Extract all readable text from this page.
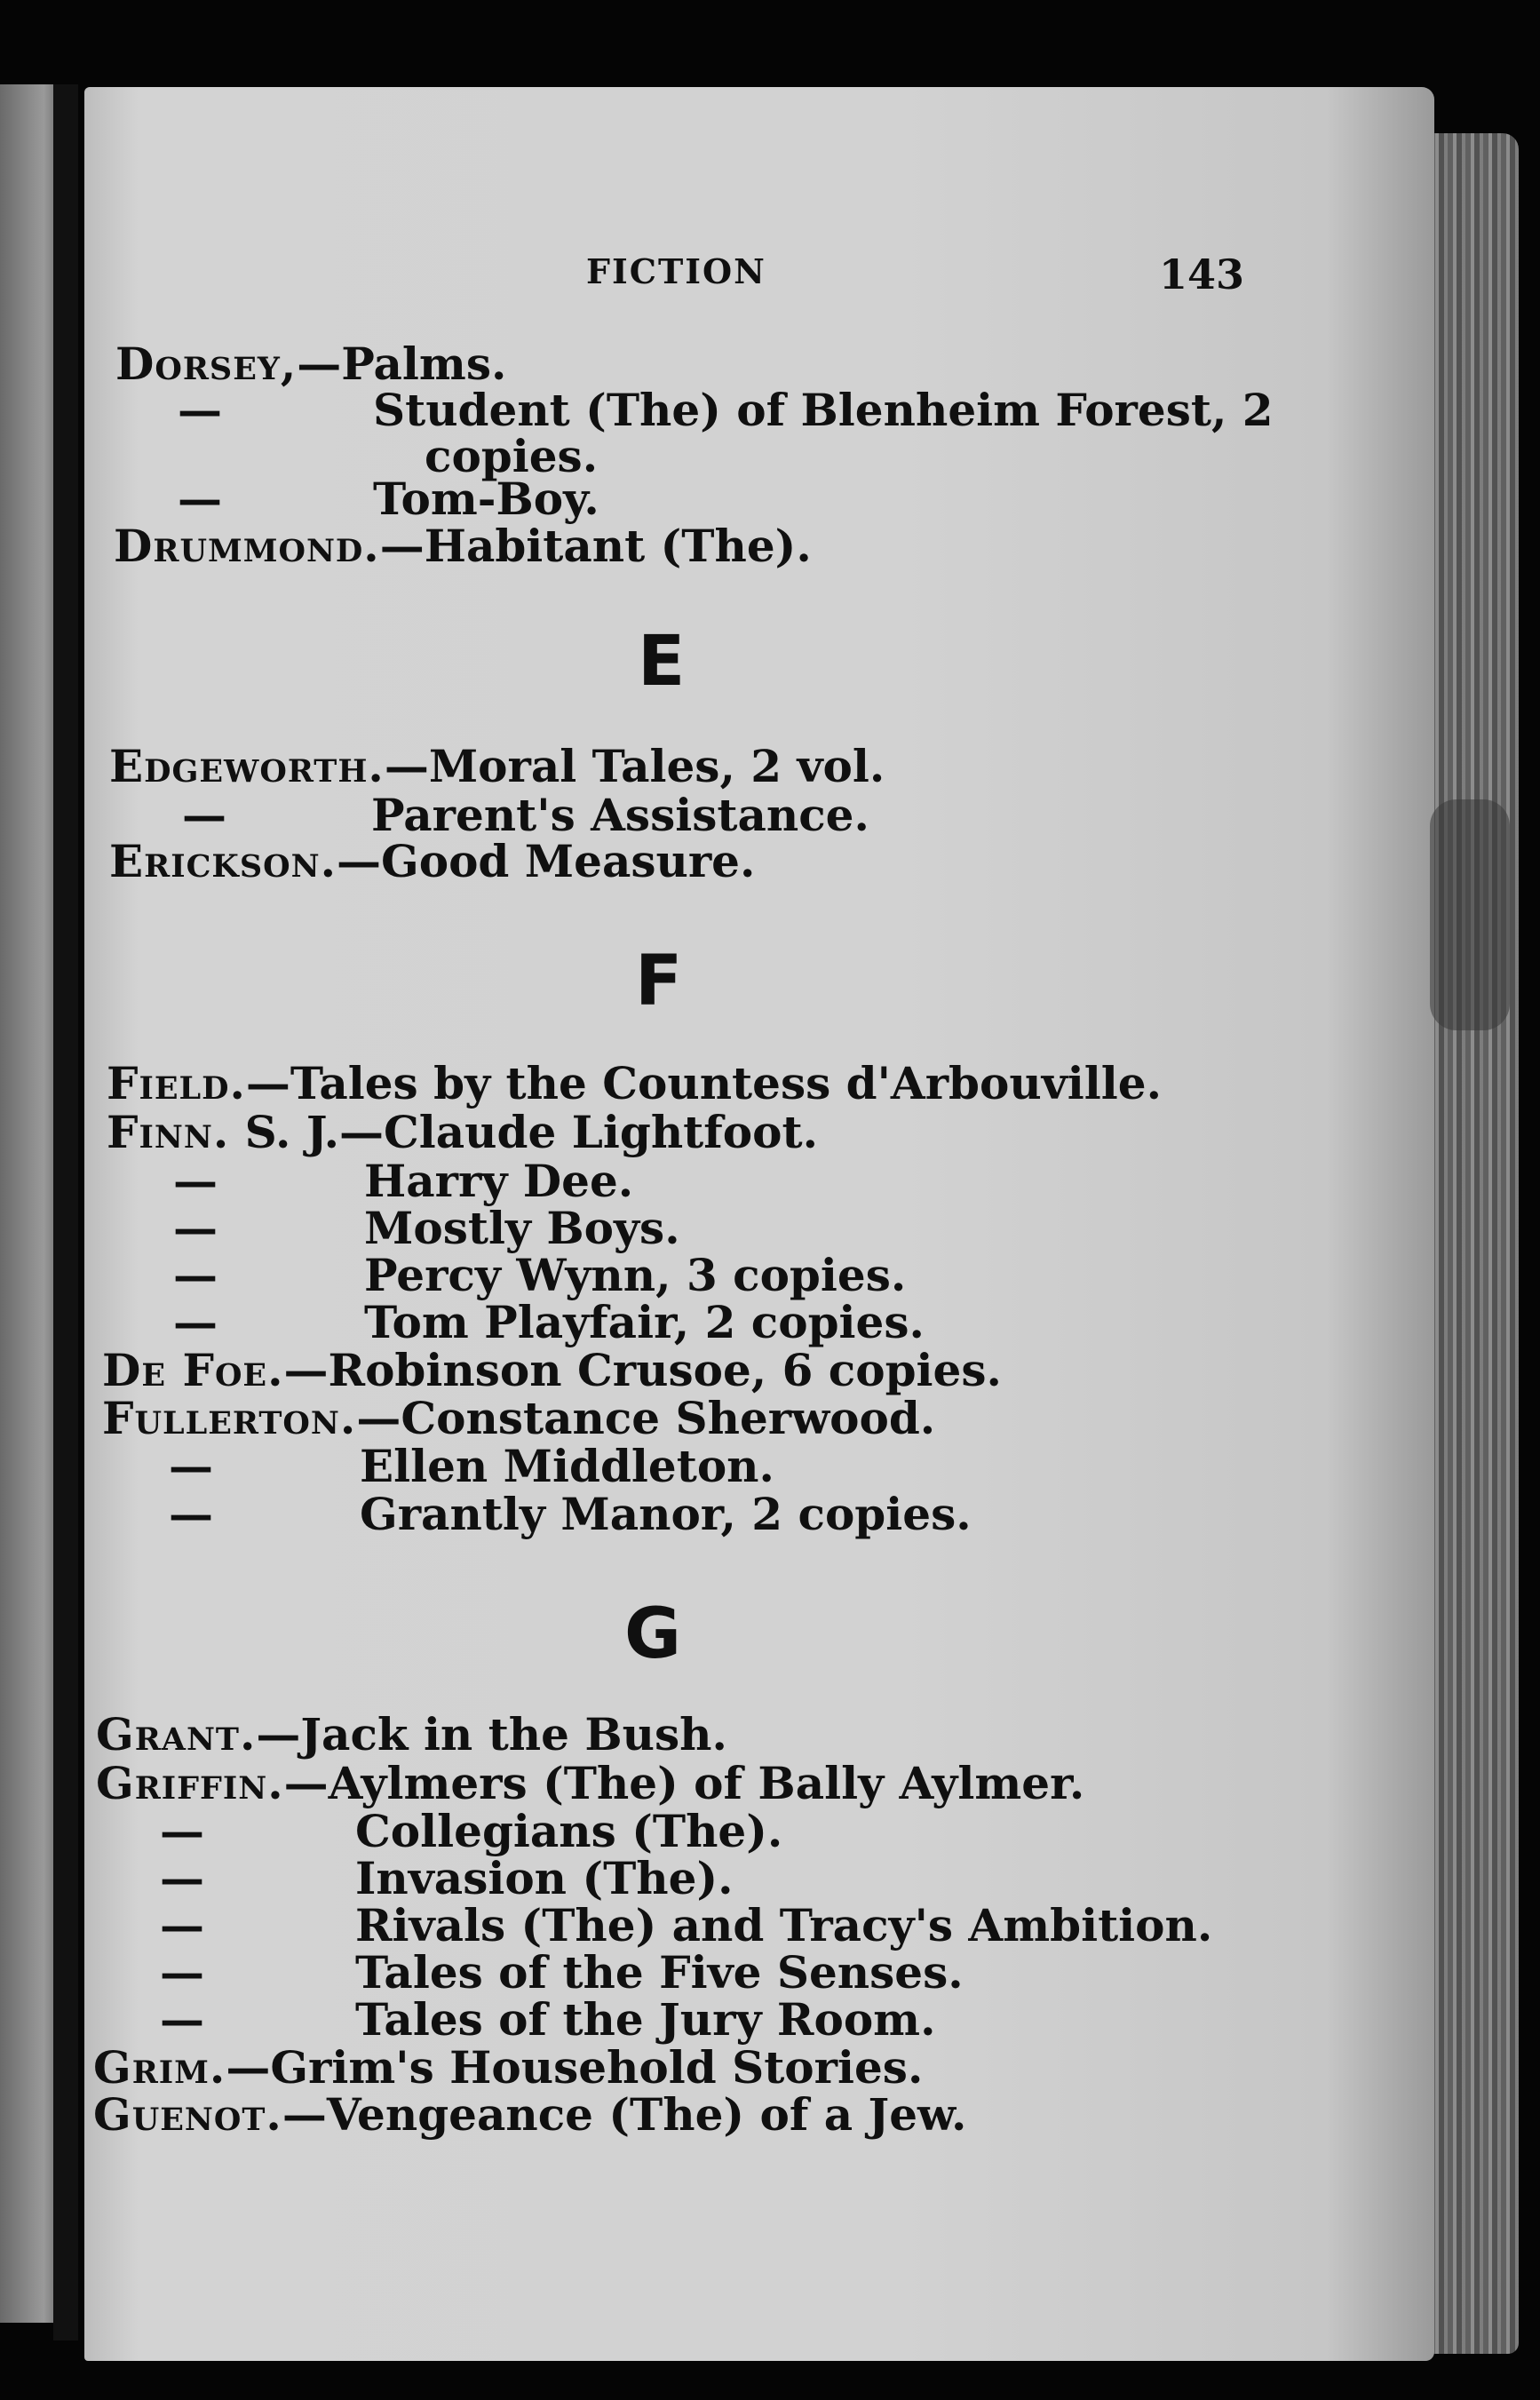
FICTION	143
Dorsey,—Palms.
—	Student (The) of Blenheim Forest, 2
copies.
—	Tom-Boy.
Drummond.—Habitant (The).
E
Edgeworth.—Moral Tales, 2 vol.
—	Parent's Assistance.
Erickson.—Good Measure.
F
Field.—Tales by the Countess d'Arbouville.
Finn. S. J.—Claude Lightfoot.
—	Harry Dee.
—	Mostly Boys.
—	Percy Wynn, 3 copies.
—	Tom Playfair, 2 copies.
De Foe.—Robinson Crusoe, 6 copies.
Fullerton.—Constance Sherwood.
—	Ellen Middleton.
—	Grantly Manor, 2 copies.
G
Grant.—Jack in the Bush.
Griffin.—Aylmers (The) of Bally Aylmer.
—	Collegians (The).
—	Invasion (The).
—	Rivals (The) and Tracy's Ambition.
—	Tales of the Five Senses.
—	Tales of the Jury Room.
Grim.—Grim's Household Stories.
Guenot.—Vengeance (The) of a Jew.
